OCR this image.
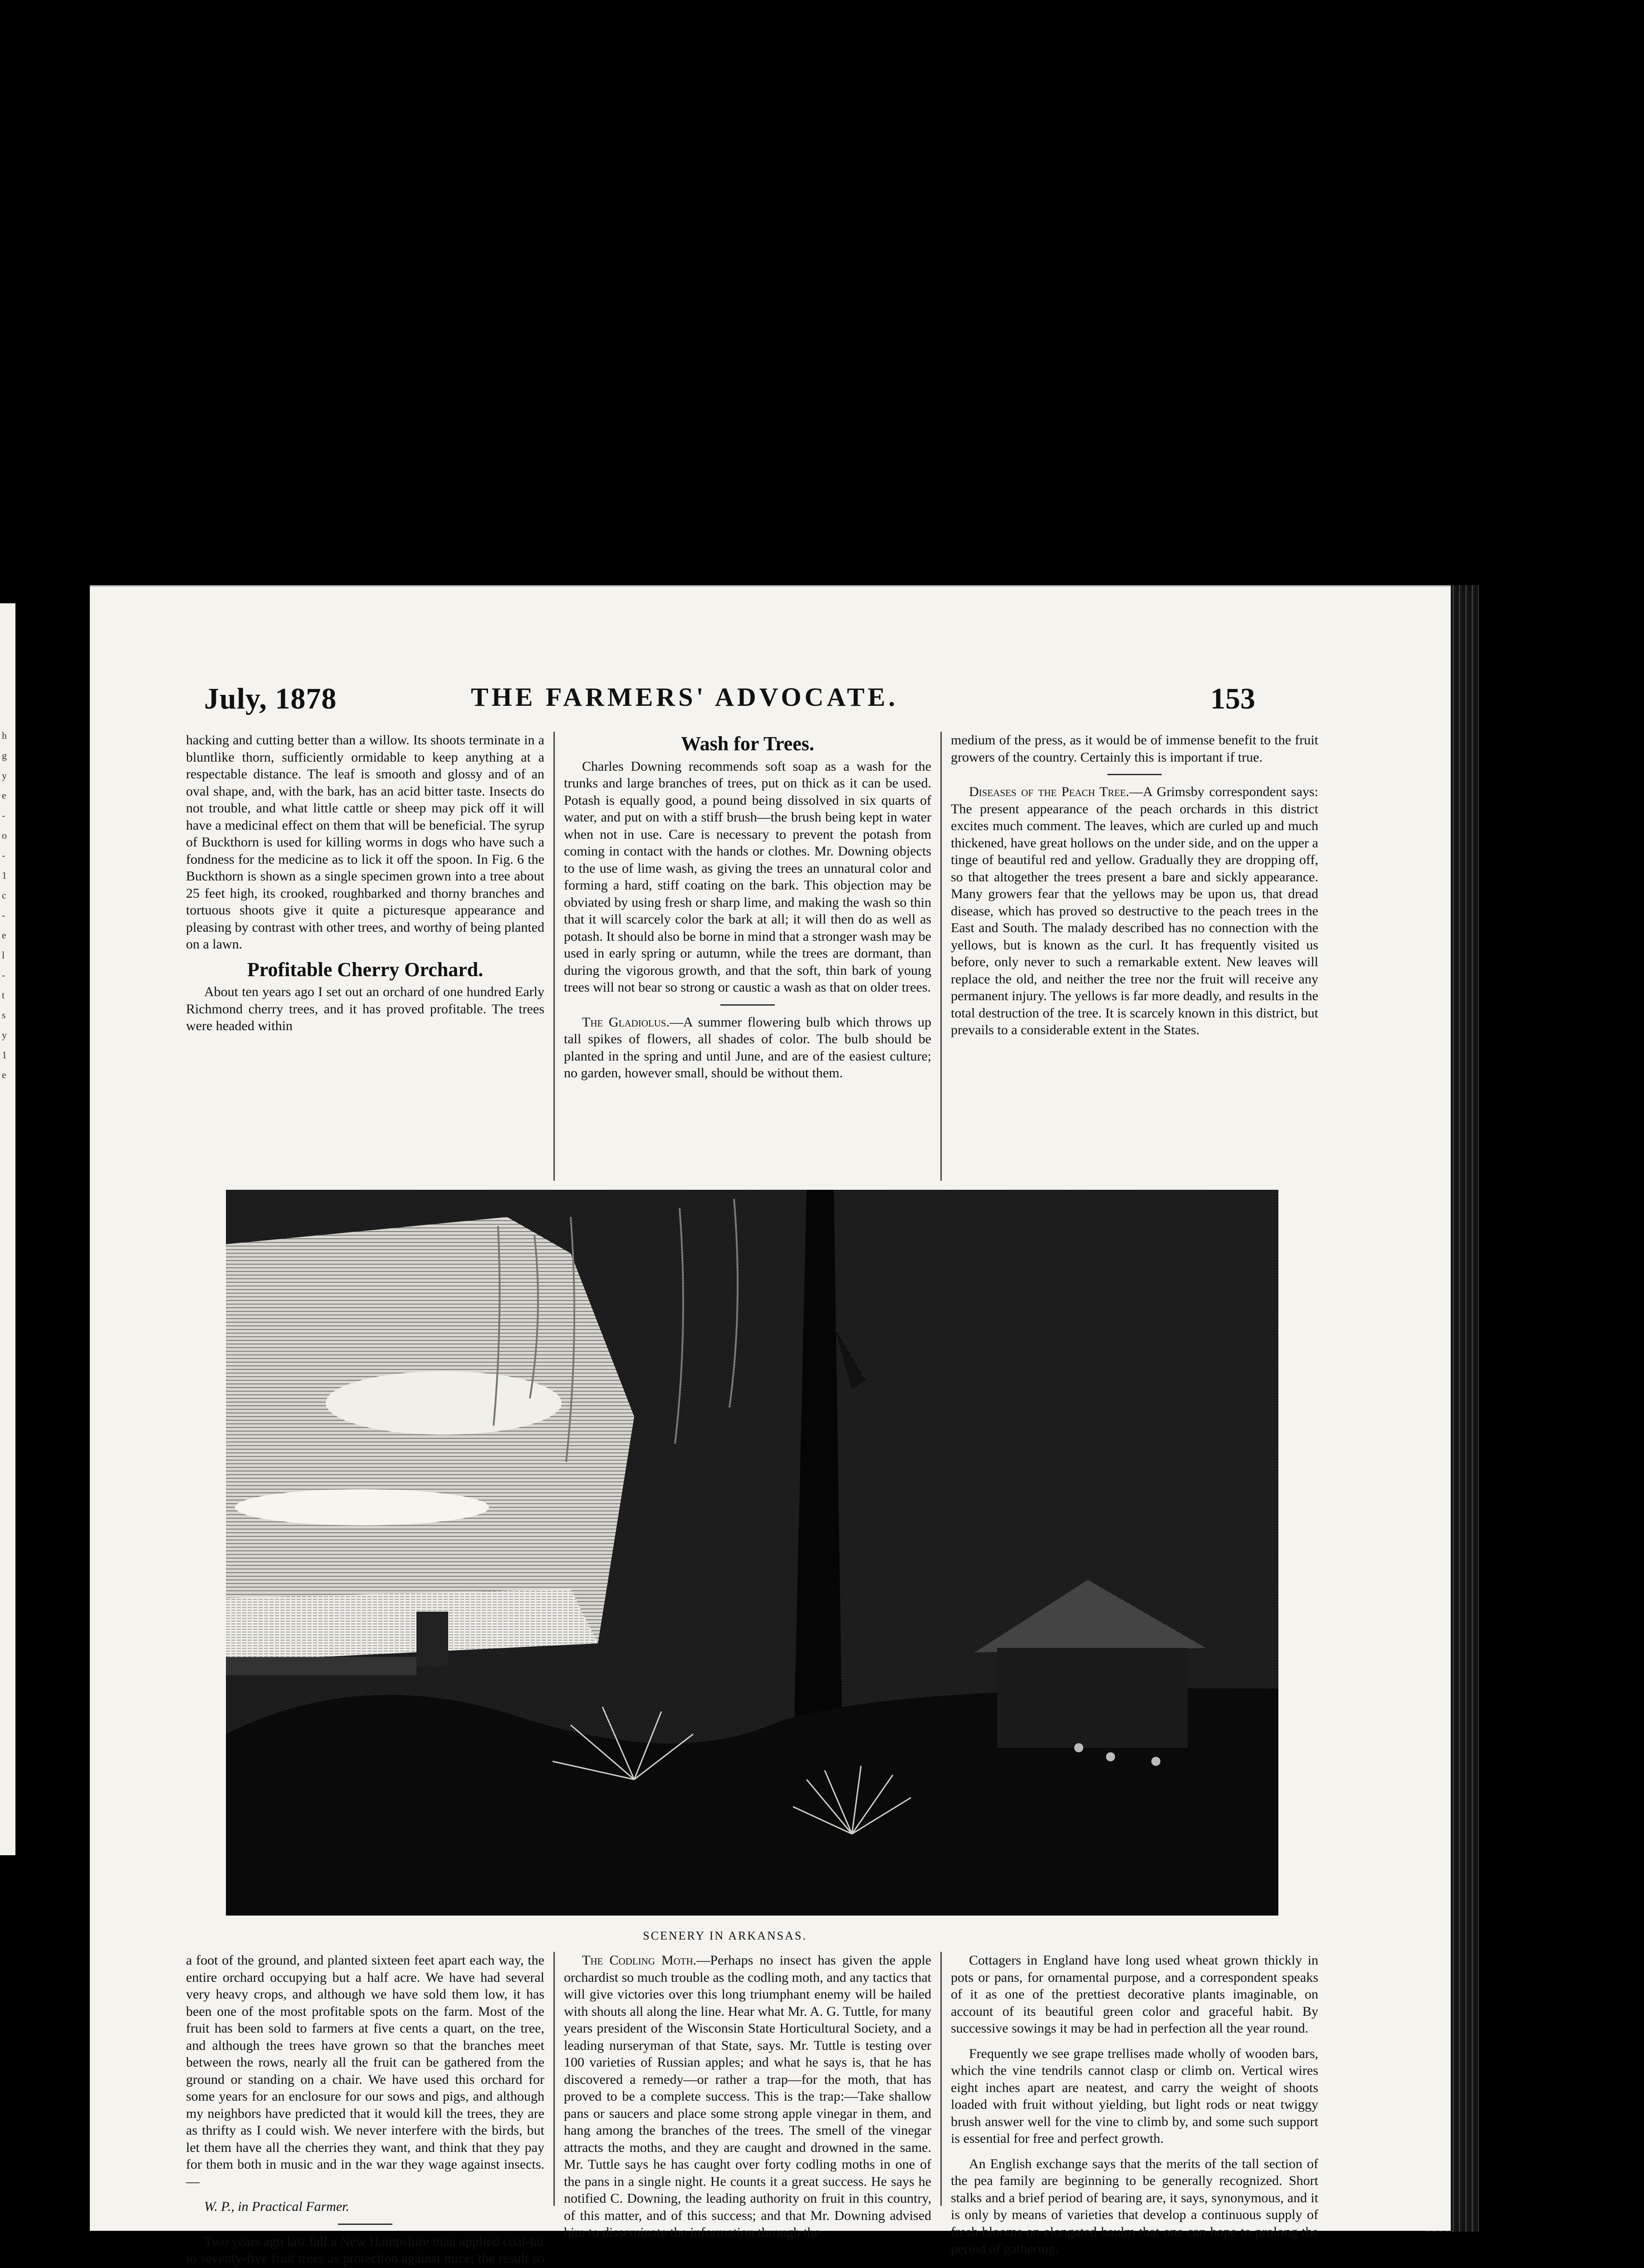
h
g
y
e
-
o
-
1
c
-
e
l
-
t
s
y
1
e
July, 1878	THE FARMERS' ADVOCATE.	153

hacking and cutting better than a willow. Its shoots terminate in a bluntlike thorn, sufficiently ormidable to keep anything at a respectable distance. The leaf is smooth and glossy and of an oval shape, and, with the bark, has an acid bitter taste. Insects do not trouble, and what little cattle or sheep may pick off it will have a medicinal effect on them that will be beneficial. The syrup of Buckthorn is used for killing worms in dogs who have such a fondness for the medicine as to lick it off the spoon. In Fig. 6 the Buckthorn is shown as a single specimen grown into a tree about 25 feet high, its crooked, roughbarked and thorny branches and tortuous shoots give it quite a picturesque appearance and pleasing by contrast with other trees, and worthy of being planted on a lawn.

Profitable Cherry Orchard.

About ten years ago I set out an orchard of one hundred Early Richmond cherry trees, and it has proved profitable. The trees were headed within

Wash for Trees.

Charles Downing recommends soft soap as a wash for the trunks and large branches of trees, put on thick as it can be used. Potash is equally good, a pound being dissolved in six quarts of water, and put on with a stiff brush—the brush being kept in water when not in use. Care is necessary to prevent the potash from coming in contact with the hands or clothes. Mr. Downing objects to the use of lime wash, as giving the trees an unnatural color and forming a hard, stiff coating on the bark. This objection may be obviated by using fresh or sharp lime, and making the wash so thin that it will scarcely color the bark at all; it will then do as well as potash. It should also be borne in mind that a stronger wash may be used in early spring or autumn, while the trees are dormant, than during the vigorous growth, and that the soft, thin bark of young trees will not bear so strong or caustic a wash as that on older trees.

The Gladiolus.—A summer flowering bulb which throws up tall spikes of flowers, all shades of color. The bulb should be planted in the spring and until June, and are of the easiest culture; no garden, however small, should be without them.

medium of the press, as it would be of immense benefit to the fruit growers of the country. Certainly this is important if true.

Diseases of the Peach Tree.—A Grimsby correspondent says: The present appearance of the peach orchards in this district excites much comment. The leaves, which are curled up and much thickened, have great hollows on the under side, and on the upper a tinge of beautiful red and yellow. Gradually they are dropping off, so that altogether the trees present a bare and sickly appearance. Many growers fear that the yellows may be upon us, that dread disease, which has proved so destructive to the peach trees in the East and South. The malady described has no connection with the yellows, but is known as the curl. It has frequently visited us before, only never to such a remarkable extent. New leaves will replace the old, and neither the tree nor the fruit will receive any permanent injury. The yellows is far more deadly, and results in the total destruction of the tree. It is scarcely known in this district, but prevails to a considerable extent in the States.

SCENERY IN ARKANSAS.

a foot of the ground, and planted sixteen feet apart each way, the entire orchard occupying but a half acre. We have had several very heavy crops, and although we have sold them low, it has been one of the most profitable spots on the farm. Most of the fruit has been sold to farmers at five cents a quart, on the tree, and although the trees have grown so that the branches meet between the rows, nearly all the fruit can be gathered from the ground or standing on a chair. We have used this orchard for some years for an enclosure for our sows and pigs, and although my neighbors have predicted that it would kill the trees, they are as thrifty as I could wish. We never interfere with the birds, but let them have all the cherries they want, and think that they pay for them both in music and in the war they wage against insects.—

W. P., in Practical Farmer.

Two years ago last fall a New Hampshire man applied coal-tar to seventy-five fruit trees as protection against mice; the result so

The Codling Moth.—Perhaps no insect has given the apple orchardist so much trouble as the codling moth, and any tactics that will give victories over this long triumphant enemy will be hailed with shouts all along the line. Hear what Mr. A. G. Tuttle, for many years president of the Wisconsin State Horticultural Society, and a leading nurseryman of that State, says. Mr. Tuttle is testing over 100 varieties of Russian apples; and what he says is, that he has discovered a remedy—or rather a trap—for the moth, that has proved to be a complete success. This is the trap:—Take shallow pans or saucers and place some strong apple vinegar in them, and hang among the branches of the trees. The smell of the vinegar attracts the moths, and they are caught and drowned in the same. Mr. Tuttle says he has caught over forty codling moths in one of the pans in a single night. He counts it a great success. He says he notified C. Downing, the leading authority on fruit in this country, of this matter, and of this success; and that Mr. Downing advised him to disseminate the information through the

Cottagers in England have long used wheat grown thickly in pots or pans, for ornamental purpose, and a correspondent speaks of it as one of the prettiest decorative plants imaginable, on account of its beautiful green color and graceful habit. By successive sowings it may be had in perfection all the year round.

Frequently we see grape trellises made wholly of wooden bars, which the vine tendrils cannot clasp or climb on. Vertical wires eight inches apart are neatest, and carry the weight of shoots loaded with fruit without yielding, but light rods or neat twiggy brush answer well for the vine to climb by, and some such support is essential for free and perfect growth.

An English exchange says that the merits of the tall section of the pea family are beginning to be generally recognized. Short stalks and a brief period of bearing are, it says, synonymous, and it is only by means of varieties that develop a continuous supply of fresh blooms on elongated haulm that one can hope to prolong the period of gathering.
